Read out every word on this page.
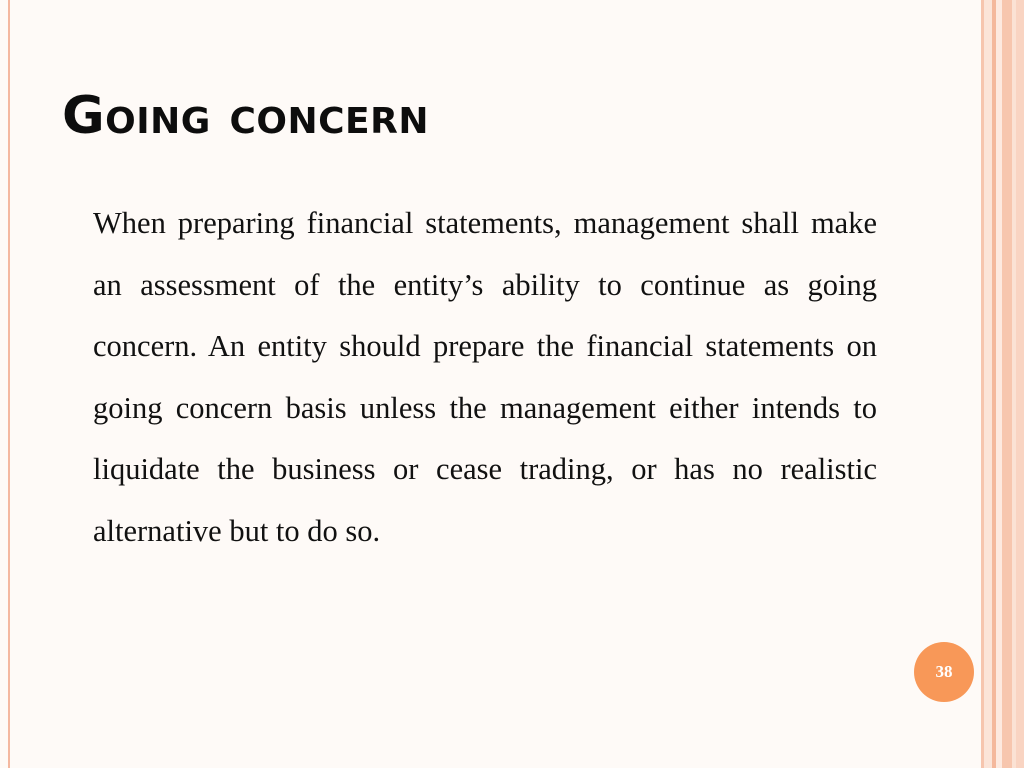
Going concern

When preparing financial statements, management shall make an assessment of the entity’s ability to continue as going concern. An entity should prepare the financial statements on going concern basis unless the management either intends to liquidate the business or cease trading, or has no realistic alternative but to do so.

38
